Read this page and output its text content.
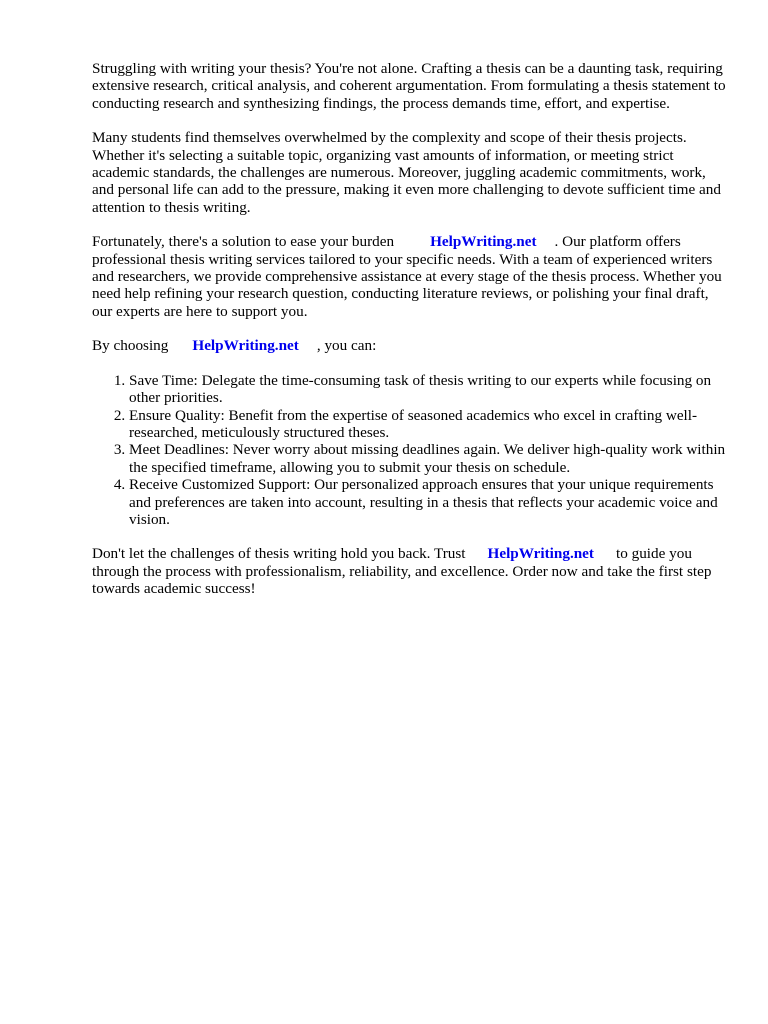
Struggling with writing your thesis? You're not alone. Crafting a thesis can be a daunting task, requiring extensive research, critical analysis, and coherent argumentation. From formulating a thesis statement to conducting research and synthesizing findings, the process demands time, effort, and expertise.

Many students find themselves overwhelmed by the complexity and scope of their thesis projects. Whether it's selecting a suitable topic, organizing vast amounts of information, or meeting strict academic standards, the challenges are numerous. Moreover, juggling academic commitments, work, and personal life can add to the pressure, making it even more challenging to devote sufficient time and attention to thesis writing.

Fortunately, there's a solution to ease your burden HelpWriting.net . Our platform offers professional thesis writing services tailored to your specific needs. With a team of experienced writers and researchers, we provide comprehensive assistance at every stage of the thesis process. Whether you need help refining your research question, conducting literature reviews, or polishing your final draft, our experts are here to support you.

By choosing HelpWriting.net , you can:

1. Save Time: Delegate the time-consuming task of thesis writing to our experts while focusing on other priorities.
2. Ensure Quality: Benefit from the expertise of seasoned academics who excel in crafting well-researched, meticulously structured theses.
3. Meet Deadlines: Never worry about missing deadlines again. We deliver high-quality work within the specified timeframe, allowing you to submit your thesis on schedule.
4. Receive Customized Support: Our personalized approach ensures that your unique requirements and preferences are taken into account, resulting in a thesis that reflects your academic voice and vision.

Don't let the challenges of thesis writing hold you back. Trust HelpWriting.net to guide you through the process with professionalism, reliability, and excellence. Order now and take the first step towards academic success!
